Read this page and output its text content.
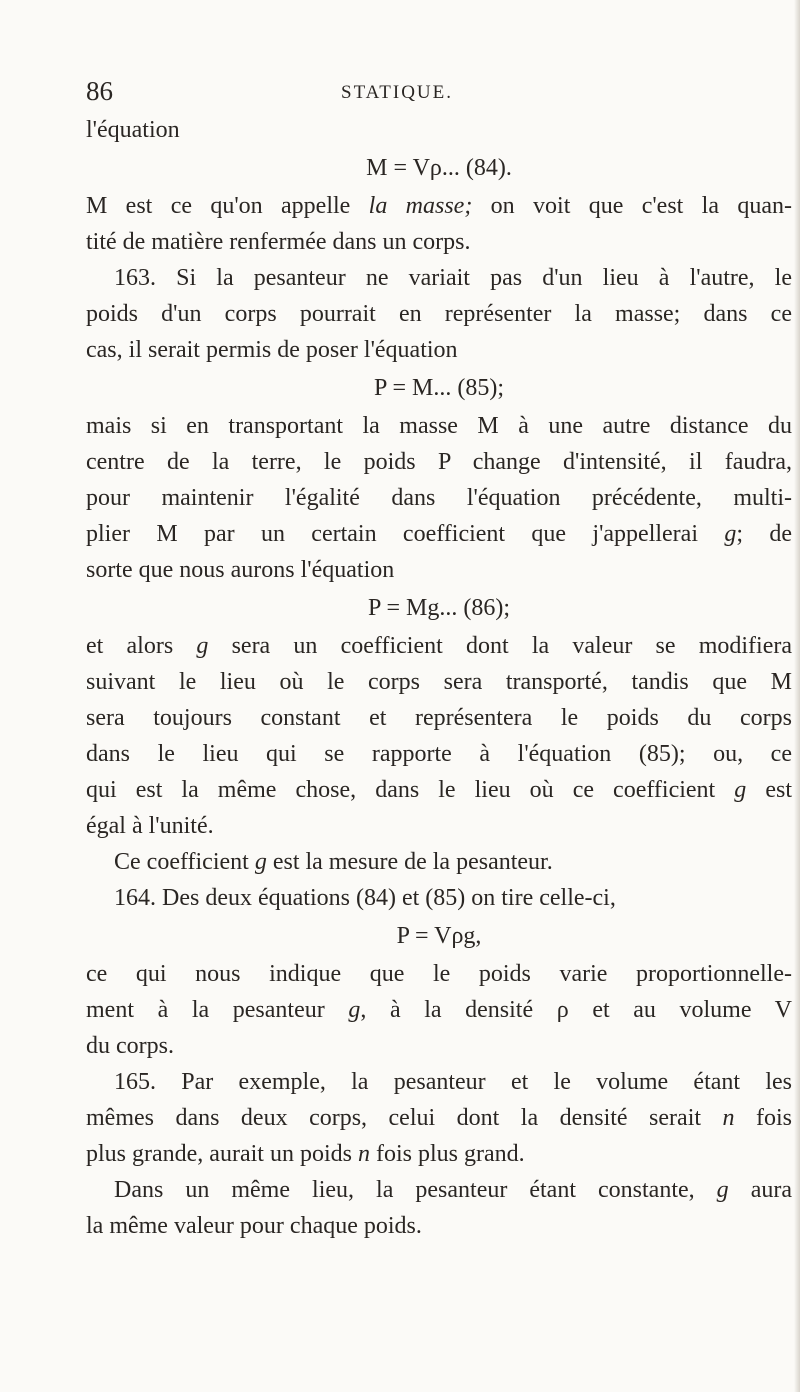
86	STATIQUE.
l'équation
M = Vρ... (84).
M est ce qu'on appelle la masse; on voit que c'est la quan-
tité de matière renfermée dans un corps.
163. Si la pesanteur ne variait pas d'un lieu à l'autre, le
poids d'un corps pourrait en représenter la masse; dans ce
cas, il serait permis de poser l'équation
P = M... (85);
mais si en transportant la masse M à une autre distance du
centre de la terre, le poids P change d'intensité, il faudra,
pour maintenir l'égalité dans l'équation précédente, multi-
plier M par un certain coefficient que j'appellerai g; de
sorte que nous aurons l'équation
P = Mg... (86);
et alors g sera un coefficient dont la valeur se modifiera
suivant le lieu où le corps sera transporté, tandis que M
sera toujours constant et représentera le poids du corps
dans le lieu qui se rapporte à l'équation (85); ou, ce
qui est la même chose, dans le lieu où ce coefficient g est
égal à l'unité.
Ce coefficient g est la mesure de la pesanteur.
164. Des deux équations (84) et (85) on tire celle-ci,
P = Vρg,
ce qui nous indique que le poids varie proportionnelle-
ment à la pesanteur g, à la densité ρ et au volume V
du corps.
165. Par exemple, la pesanteur et le volume étant les
mêmes dans deux corps, celui dont la densité serait n fois
plus grande, aurait un poids n fois plus grand.
Dans un même lieu, la pesanteur étant constante, g aura
la même valeur pour chaque poids.
